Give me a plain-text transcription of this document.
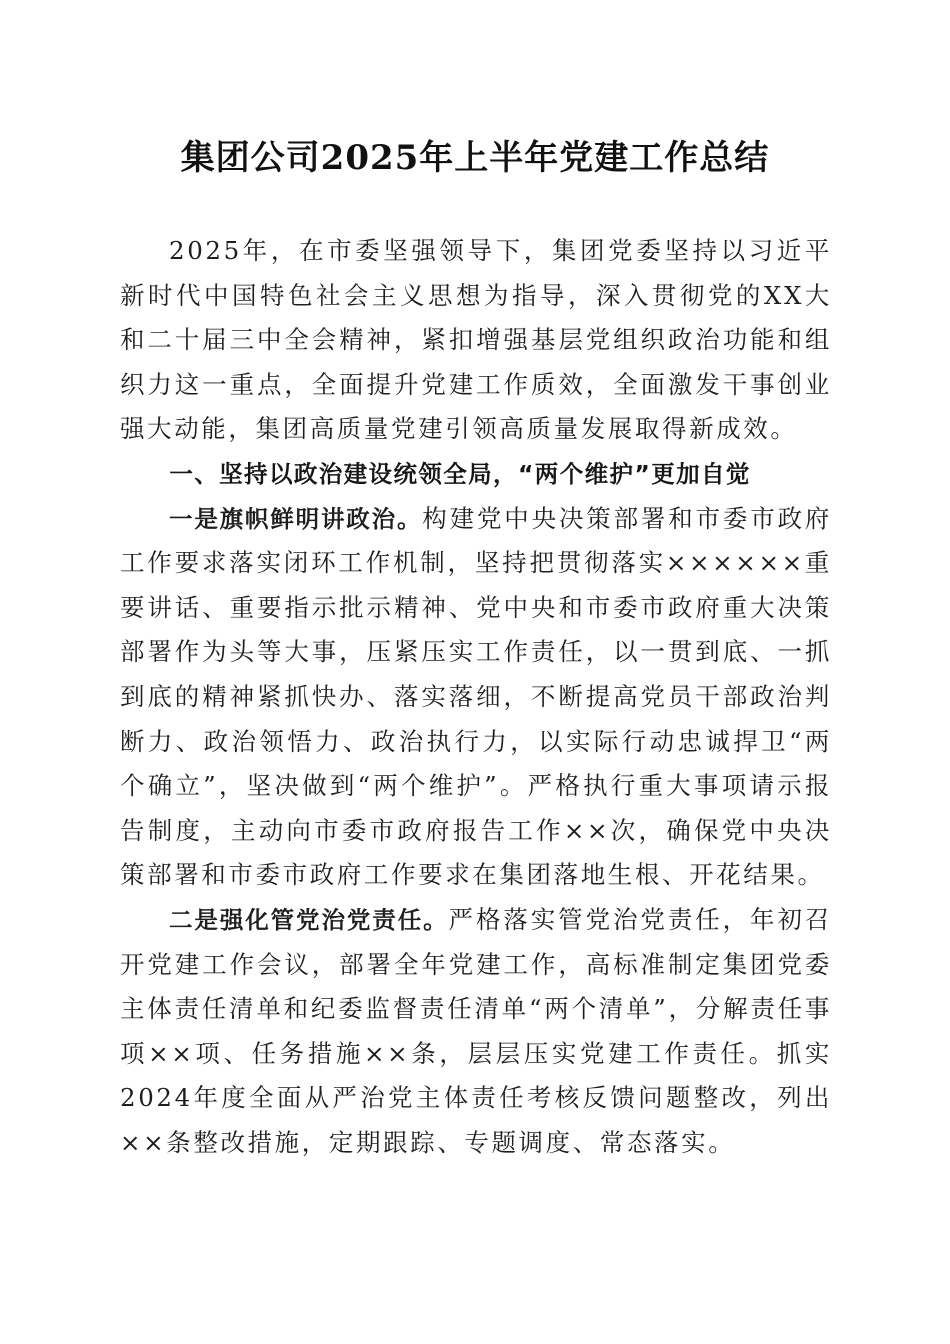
集团公司2025年上半年党建工作总结

2025年，在市委坚强领导下，集团党委坚持以习近平新时代中国特色社会主义思想为指导，深入贯彻党的XX大和二十届三中全会精神，紧扣增强基层党组织政治功能和组织力这一重点，全面提升党建工作质效，全面激发干事创业强大动能，集团高质量党建引领高质量发展取得新成效。

一、坚持以政治建设统领全局，“两个维护”更加自觉

一是旗帜鲜明讲政治。构建党中央决策部署和市委市政府工作要求落实闭环工作机制，坚持把贯彻落实××××××重要讲话、重要指示批示精神、党中央和市委市政府重大决策部署作为头等大事，压紧压实工作责任，以一贯到底、一抓到底的精神紧抓快办、落实落细，不断提高党员干部政治判断力、政治领悟力、政治执行力，以实际行动忠诚捍卫“两个确立”，坚决做到“两个维护”。严格执行重大事项请示报告制度，主动向市委市政府报告工作××次，确保党中央决策部署和市委市政府工作要求在集团落地生根、开花结果。

二是强化管党治党责任。严格落实管党治党责任，年初召开党建工作会议，部署全年党建工作，高标准制定集团党委主体责任清单和纪委监督责任清单“两个清单”，分解责任事项××项、任务措施××条，层层压实党建工作责任。抓实2024年度全面从严治党主体责任考核反馈问题整改，列出××条整改措施，定期跟踪、专题调度、常态落实。
